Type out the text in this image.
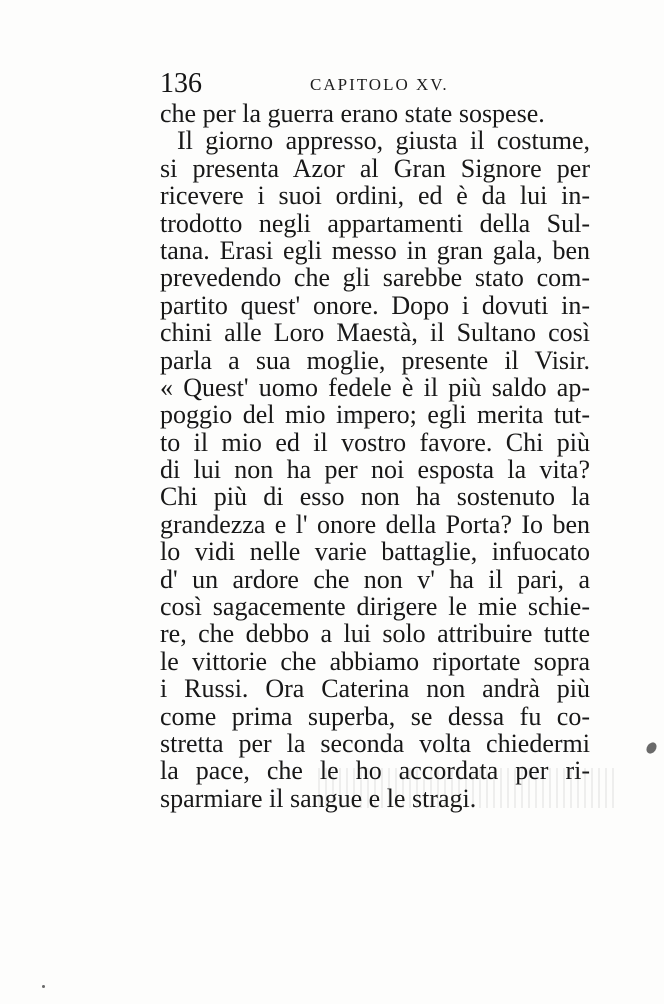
136	CAPITOLO XV.
che per la guerra erano state sospese.
Il giorno appresso, giusta il costume,
si presenta Azor al Gran Signore per
ricevere i suoi ordini, ed è da lui in-
trodotto negli appartamenti della Sul-
tana. Erasi egli messo in gran gala, ben
prevedendo che gli sarebbe stato com-
partito quest' onore. Dopo i dovuti in-
chini alle Loro Maestà, il Sultano così
parla a sua moglie, presente il Visir.
« Quest' uomo fedele è il più saldo ap-
poggio del mio impero; egli merita tut-
to il mio ed il vostro favore. Chi più
di lui non ha per noi esposta la vita?
Chi più di esso non ha sostenuto la
grandezza e l' onore della Porta? Io ben
lo vidi nelle varie battaglie, infuocato
d' un ardore che non v' ha il pari, a
così sagacemente dirigere le mie schie-
re, che debbo a lui solo attribuire tutte
le vittorie che abbiamo riportate sopra
i Russi. Ora Caterina non andrà più
come prima superba, se dessa fu co-
stretta per la seconda volta chiedermi
la pace, che le ho accordata per ri-
sparmiare il sangue e le stragi.
